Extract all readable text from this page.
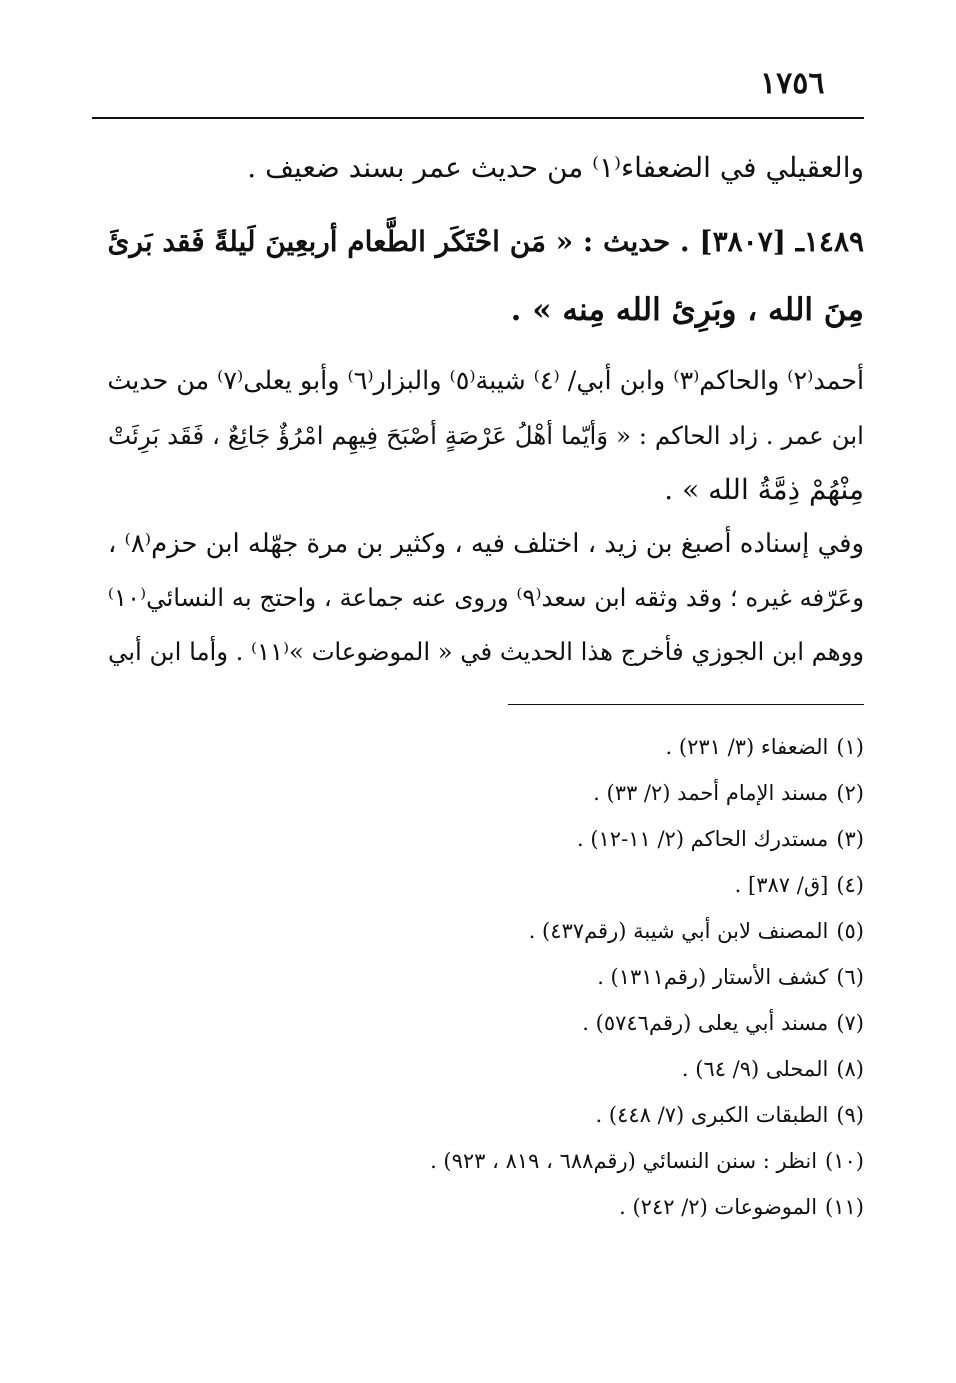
١٧٥٦
والعقيلي في الضعفاء⁽١⁾ من حديث عمر بسند ضعيف .
١٤٨٩ـ [٣٨٠٧] . حديث : « مَن احْتَكَر الطَّعام أربعِينَ لَيلةً فَقد بَرئَ
مِنَ الله ، وبَرِئ الله مِنه » .
أحمد⁽٢⁾ والحاكم⁽٣⁾ وابن أبي/ ⁽٤⁾ شيبة⁽٥⁾ والبزار⁽٦⁾ وأبو يعلى⁽٧⁾ من حديث
ابن عمر . زاد الحاكم : « وَأيّما أهْلُ عَرْصَةٍ أصْبَحَ فِيهِم امْرُؤٌ جَائِعٌ ، فَقَد بَرِئَتْ
مِنْهُمْ ذِمَّةُ الله » .
وفي إسناده أصبغ بن زيد ، اختلف فيه ، وكثير بن مرة جهّله ابن حزم⁽٨⁾ ،
وعَرّفه غيره ؛ وقد وثقه ابن سعد⁽٩⁾ وروى عنه جماعة ، واحتج به النسائي⁽١٠⁾
ووهم ابن الجوزي فأخرج هذا الحديث في « الموضوعات »⁽١١⁾ . وأما ابن أبي
(١)الضعفاء (٣/ ٢٣١) .
(٢)مسند الإمام أحمد (٢/ ٣٣) .
(٣)مستدرك الحاكم (٢/ ١١-١٢) .
(٤)[ق/ ٣٨٧] .
(٥)المصنف لابن أبي شيبة (رقم٤٣٧) .
(٦)كشف الأستار (رقم١٣١١) .
(٧)مسند أبي يعلى (رقم٥٧٤٦) .
(٨)المحلى (٩/ ٦٤) .
(٩)الطبقات الكبرى (٧/ ٤٤٨) .
(١٠)انظر : سنن النسائي (رقم٦٨٨ ، ٨١٩ ، ٩٢٣) .
(١١)الموضوعات (٢/ ٢٤٢) .
